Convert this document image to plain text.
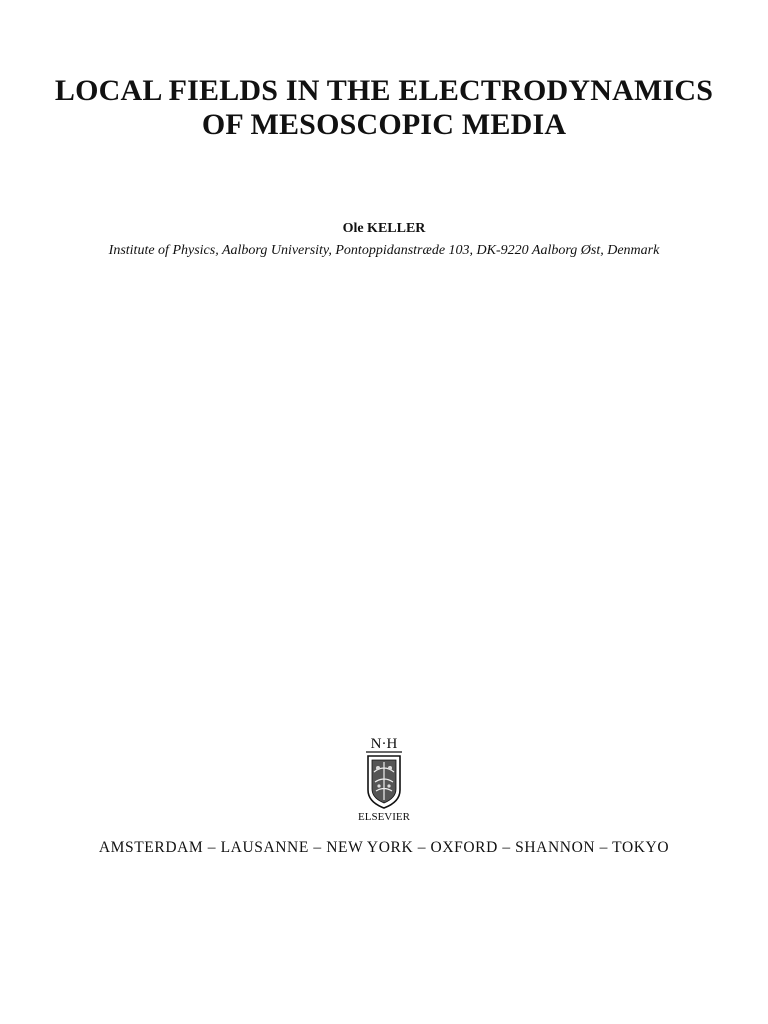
LOCAL FIELDS IN THE ELECTRODYNAMICS
OF MESOSCOPIC MEDIA
Ole KELLER
Institute of Physics, Aalborg University, Pontoppidanstræde 103, DK-9220 Aalborg Øst, Denmark
N·H
ELSEVIER
AMSTERDAM – LAUSANNE – NEW YORK – OXFORD – SHANNON – TOKYO
